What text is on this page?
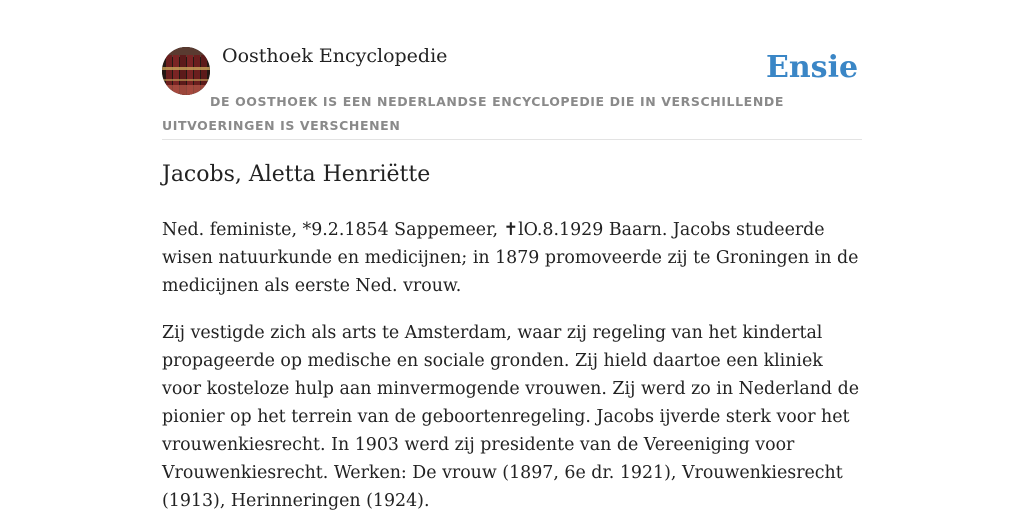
Oosthoek Encyclopedie	Ensie
DE OOSTHOEK IS EEN NEDERLANDSE ENCYCLOPEDIE DIE IN VERSCHILLENDE UITVOERINGEN IS VERSCHENEN
Jacobs, Aletta Henriëtte

Ned. feministe, *9.2.1854 Sappemeer, ✝lO.8.1929 Baarn. Jacobs studeerde wisen natuurkunde en medicijnen; in 1879 promoveerde zij te Groningen in de medicijnen als eerste Ned. vrouw.

Zij vestigde zich als arts te Amsterdam, waar zij regeling van het kindertal propageerde op medische en sociale gronden. Zij hield daartoe een kliniek voor kosteloze hulp aan minvermogende vrouwen. Zij werd zo in Nederland de pionier op het terrein van de geboortenregeling. Jacobs ijverde sterk voor het vrouwenkiesrecht. In 1903 werd zij presidente van de Vereeniging voor Vrouwenkiesrecht. Werken: De vrouw (1897, 6e dr. 1921), Vrouwenkiesrecht (1913), Herinneringen (1924).
